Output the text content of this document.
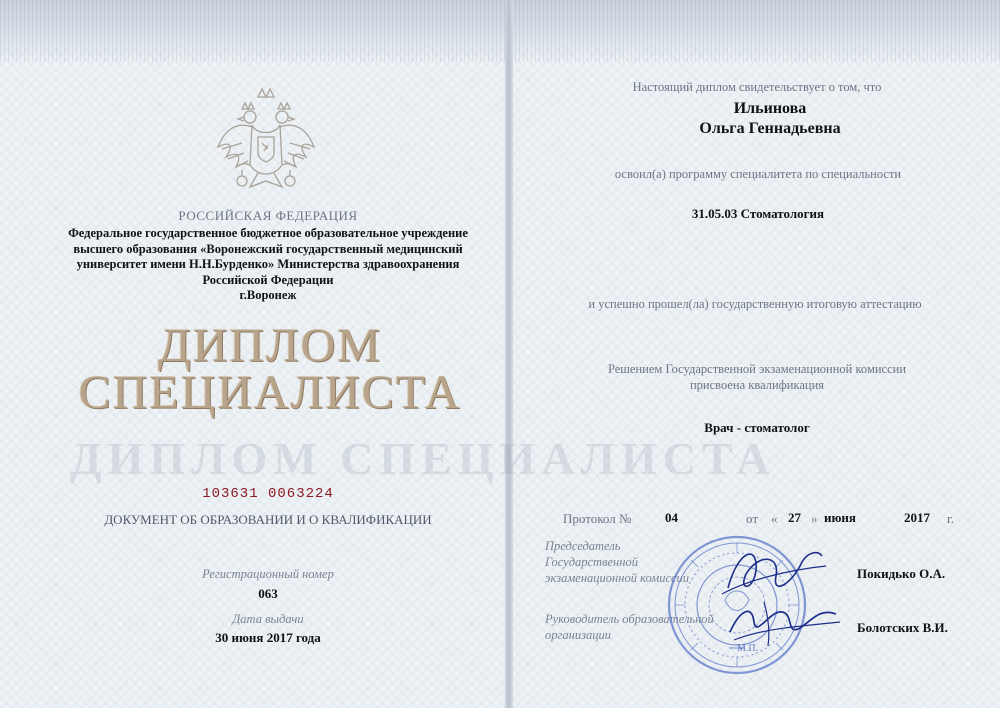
РОССИЙСКАЯ ФЕДЕРАЦИЯ
Федеральное государственное бюджетное образовательное учреждение
высшего образования «Воронежский государственный медицинский
университет имени Н.Н.Бурденко» Министерства здравоохранения
Российской Федерации
г.Воронеж
ДИПЛОМ
СПЕЦИАЛИСТА
ДИПЛОМ СПЕЦИАЛИСТА
103631 0063224
ДОКУМЕНТ ОБ ОБРАЗОВАНИИ И О КВАЛИФИКАЦИИ
Регистрационный номер
063
Дата выдачи
30 июня 2017 года
Настоящий диплом свидетельствует о том, что
Ильинова
Ольга Геннадьевна
освоил(а) программу специалитета по специальности
31.05.03 Стоматология
и успешно прошел(ла) государственную итоговую аттестацию
Решением Государственной экзаменационной комиссии
присвоена квалификация
Врач - стоматолог
Протокол №	04	от « 27 » июня	2017 г.
Председатель
Государственной
экзаменационной комиссии	Покидько О.А.
Руководитель образовательной
организации	Болотских В.И.
М.П.
